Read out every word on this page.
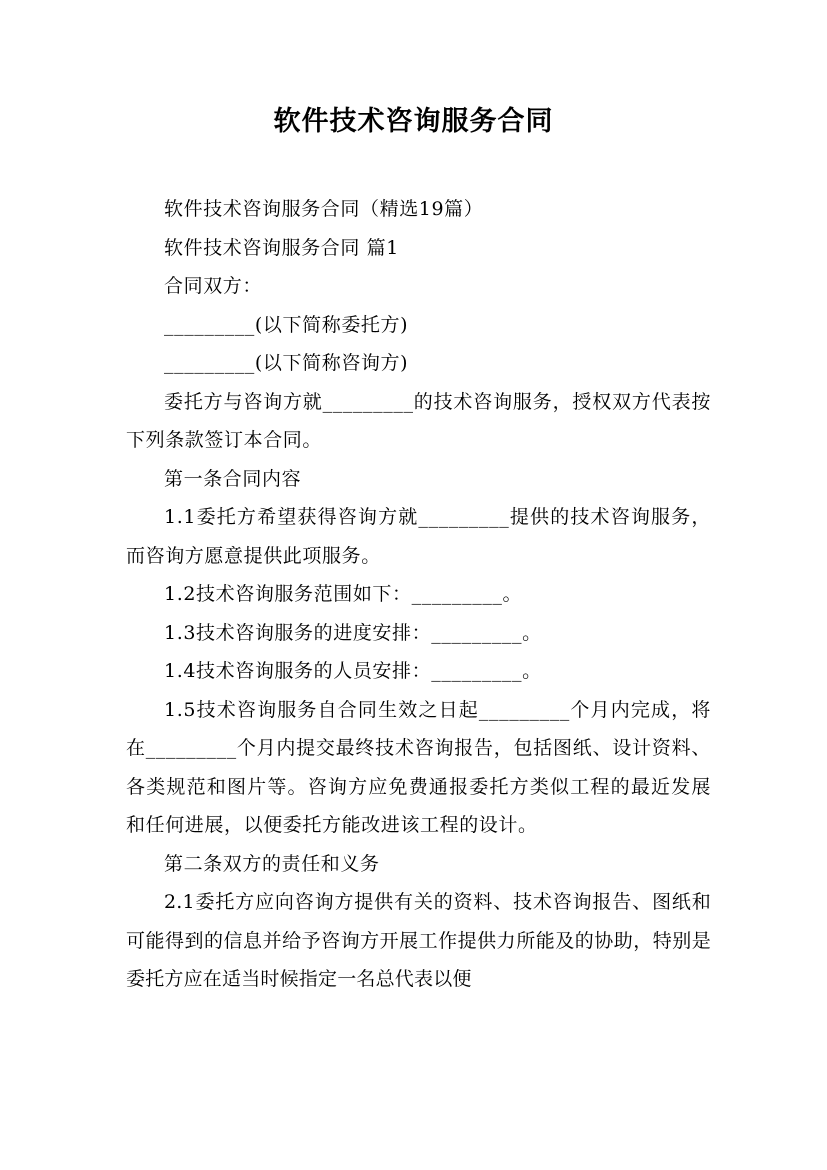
软件技术咨询服务合同

软件技术咨询服务合同（精选19篇）

软件技术咨询服务合同 篇1

合同双方：

_________(以下简称委托方)

_________(以下简称咨询方)

委托方与咨询方就_________的技术咨询服务，授权双方代表按下列条款签订本合同。

第一条合同内容

1.1委托方希望获得咨询方就_________提供的技术咨询服务，而咨询方愿意提供此项服务。

1.2技术咨询服务范围如下：_________。

1.3技术咨询服务的进度安排：_________。

1.4技术咨询服务的人员安排：_________。

1.5技术咨询服务自合同生效之日起_________个月内完成，将在_________个月内提交最终技术咨询报告，包括图纸、设计资料、各类规范和图片等。咨询方应免费通报委托方类似工程的最近发展和任何进展，以便委托方能改进该工程的设计。

第二条双方的责任和义务

2.1委托方应向咨询方提供有关的资料、技术咨询报告、图纸和可能得到的信息并给予咨询方开展工作提供力所能及的协助，特别是委托方应在适当时候指定一名总代表以便
